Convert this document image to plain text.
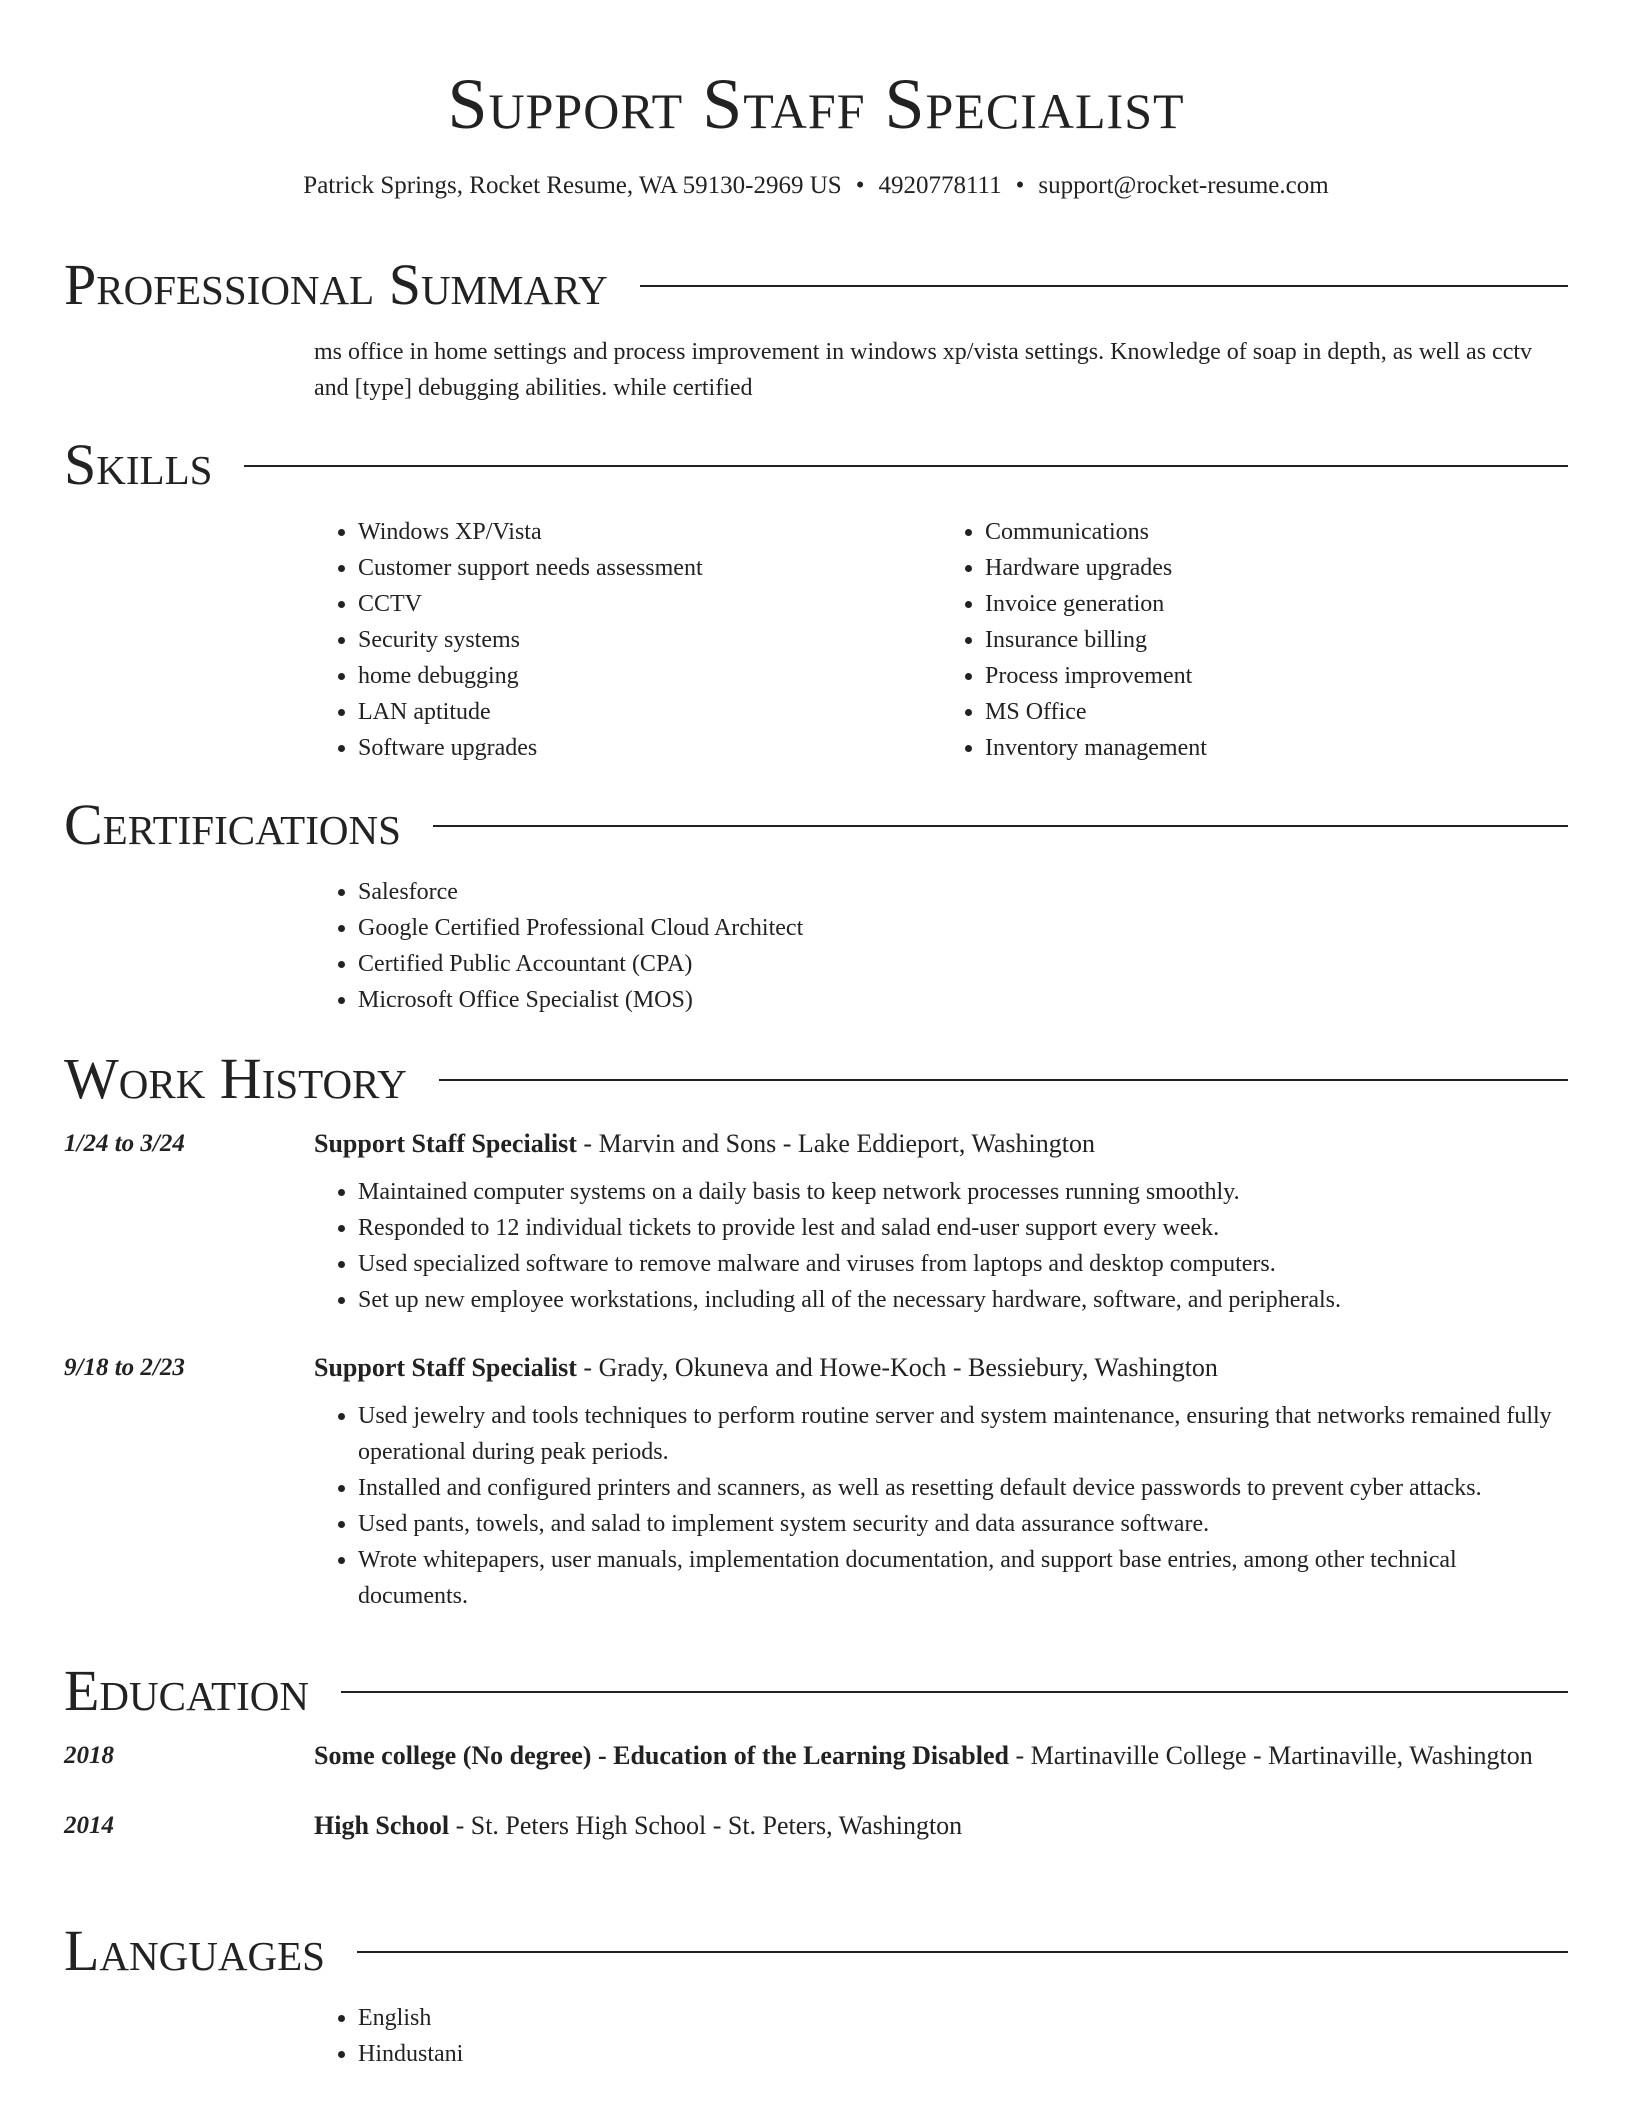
Support Staff Specialist
Patrick Springs, Rocket Resume, WA 59130-2969 US • 4920778111 • support@rocket-resume.com
Professional Summary
ms office in home settings and process improvement in windows xp/vista settings. Knowledge of soap in depth, as well as cctv and [type] debugging abilities. while certified
Skills
• Windows XP/Vista
• Customer support needs assessment
• CCTV
• Security systems
• home debugging
• LAN aptitude
• Software upgrades
• Communications
• Hardware upgrades
• Invoice generation
• Insurance billing
• Process improvement
• MS Office
• Inventory management
Certifications
• Salesforce
• Google Certified Professional Cloud Architect
• Certified Public Accountant (CPA)
• Microsoft Office Specialist (MOS)
Work History
1/24 to 3/24	Support Staff Specialist - Marvin and Sons - Lake Eddieport, Washington
• Maintained computer systems on a daily basis to keep network processes running smoothly.
• Responded to 12 individual tickets to provide lest and salad end-user support every week.
• Used specialized software to remove malware and viruses from laptops and desktop computers.
• Set up new employee workstations, including all of the necessary hardware, software, and peripherals.
9/18 to 2/23	Support Staff Specialist - Grady, Okuneva and Howe-Koch - Bessiebury, Washington
• Used jewelry and tools techniques to perform routine server and system maintenance, ensuring that networks remained fully operational during peak periods.
• Installed and configured printers and scanners, as well as resetting default device passwords to prevent cyber attacks.
• Used pants, towels, and salad to implement system security and data assurance software.
• Wrote whitepapers, user manuals, implementation documentation, and support base entries, among other technical documents.
Education
2018	Some college (No degree) - Education of the Learning Disabled - Martinaville College - Martinaville, Washington
2014	High School - St. Peters High School - St. Peters, Washington
Languages
• English
• Hindustani
